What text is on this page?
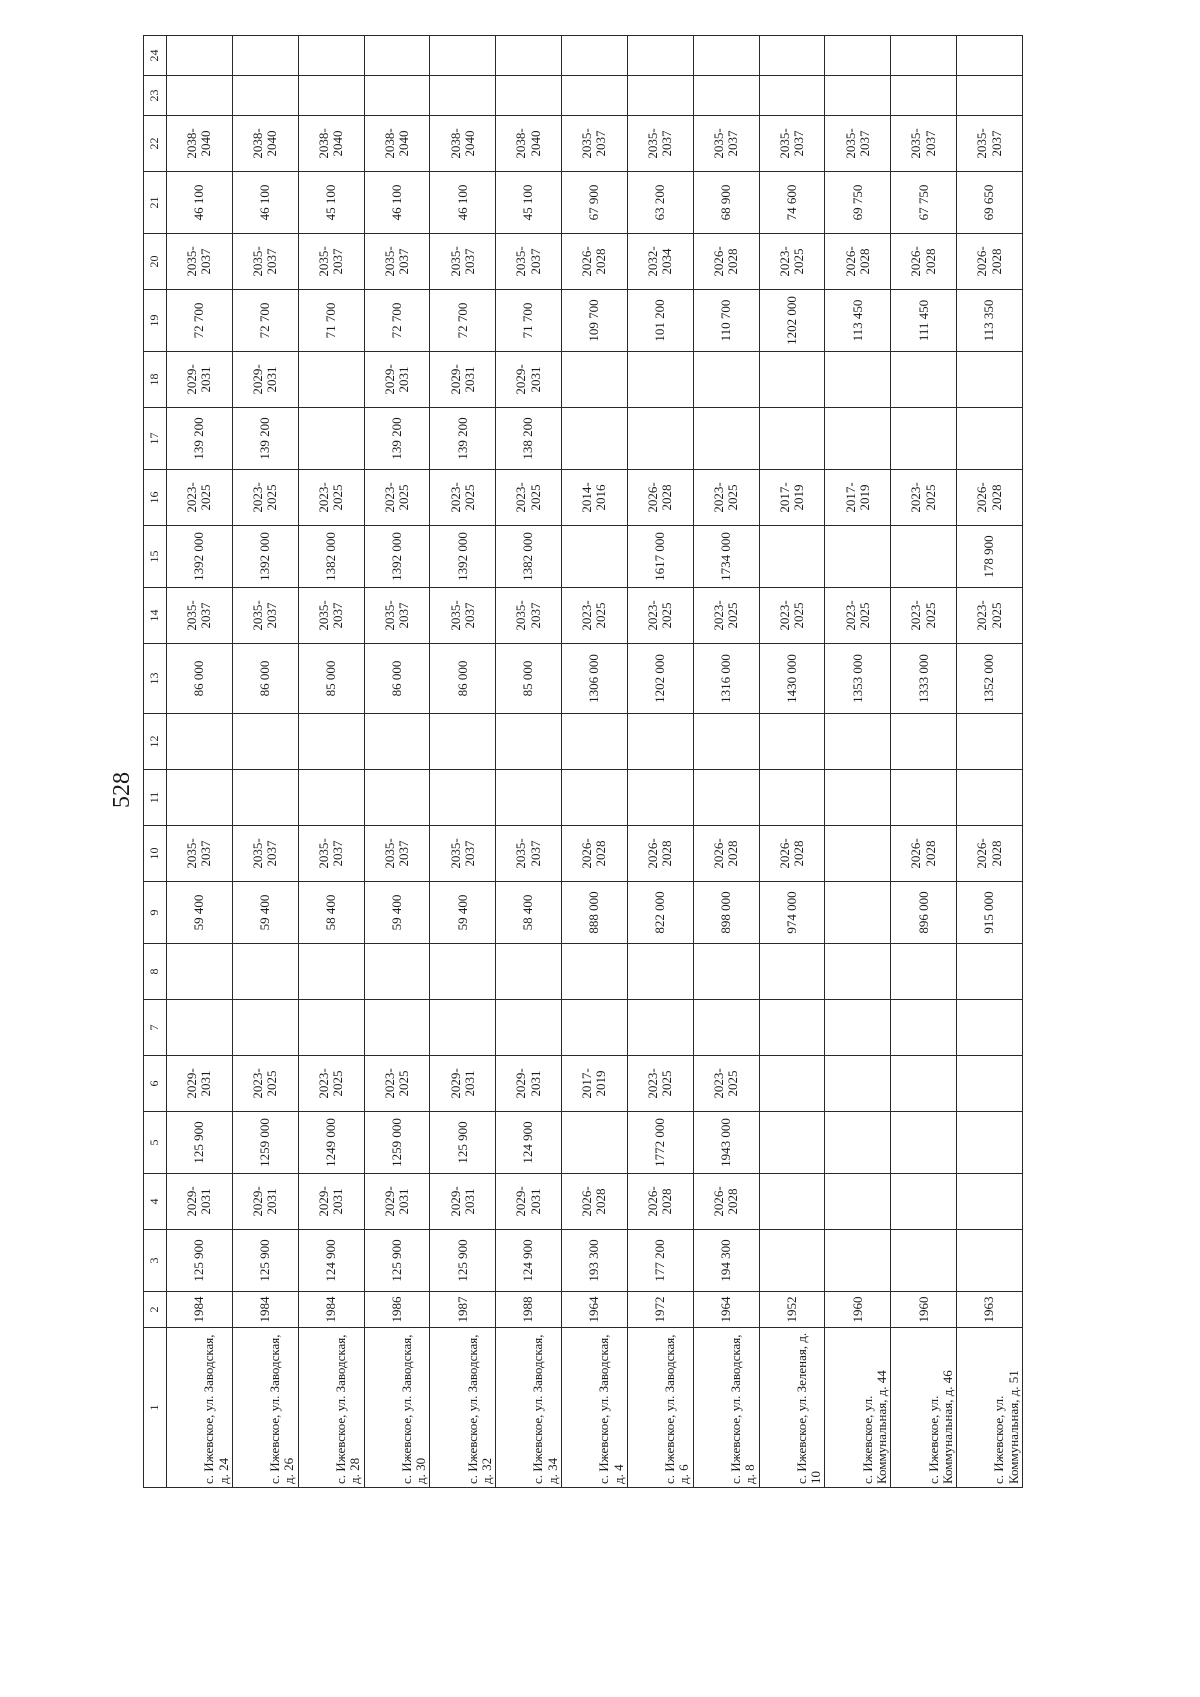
528
1	2	3	4	5	6	7	8	9	10	11	12	13	14	15	16	17	18	19	20	21	22	23	24
с. Ижевское, ул. Заводская, д. 24	1984	125 900	2029-2031	125 900	2029-2031			59 400	2035-2037			86 000	2035-2037	1392 000	2023-2025	139 200	2029-2031	72 700	2035-2037	46 100	2038-2040		
с. Ижевское, ул. Заводская, д. 26	1984	125 900	2029-2031	1259 000	2023-2025			59 400	2035-2037			86 000	2035-2037	1392 000	2023-2025	139 200	2029-2031	72 700	2035-2037	46 100	2038-2040		
с. Ижевское, ул. Заводская, д. 28	1984	124 900	2029-2031	1249 000	2023-2025			58 400	2035-2037			85 000	2035-2037	1382 000	2023-2025			71 700	2035-2037	45 100	2038-2040		
с. Ижевское, ул. Заводская, д. 30	1986	125 900	2029-2031	1259 000	2023-2025			59 400	2035-2037			86 000	2035-2037	1392 000	2023-2025	139 200	2029-2031	72 700	2035-2037	46 100	2038-2040		
с. Ижевское, ул. Заводская, д. 32	1987	125 900	2029-2031	125 900	2029-2031			59 400	2035-2037			86 000	2035-2037	1392 000	2023-2025	139 200	2029-2031	72 700	2035-2037	46 100	2038-2040		
с. Ижевское, ул. Заводская, д. 34	1988	124 900	2029-2031	124 900	2029-2031			58 400	2035-2037			85 000	2035-2037	1382 000	2023-2025	138 200	2029-2031	71 700	2035-2037	45 100	2038-2040		
с. Ижевское, ул. Заводская, д. 4	1964	193 300	2026-2028		2017-2019			888 000	2026-2028			1306 000	2023-2025		2014-2016			109 700	2026-2028	67 900	2035-2037		
с. Ижевское, ул. Заводская, д. 6	1972	177 200	2026-2028	1772 000	2023-2025			822 000	2026-2028			1202 000	2023-2025	1617 000	2026-2028			101 200	2032-2034	63 200	2035-2037		
с. Ижевское, ул. Заводская, д. 8	1964	194 300	2026-2028	1943 000	2023-2025			898 000	2026-2028			1316 000	2023-2025	1734 000	2023-2025			110 700	2026-2028	68 900	2035-2037		
с. Ижевское, ул. Зеленая, д. 10	1952							974 000	2026-2028			1430 000	2023-2025		2017-2019			1202 000	2023-2025	74 600	2035-2037		
с. Ижевское, ул. Коммунальная, д. 44	1960											1353 000	2023-2025		2017-2019			113 450	2026-2028	69 750	2035-2037		
с. Ижевское, ул. Коммунальная, д. 46	1960							896 000	2026-2028			1333 000	2023-2025		2023-2025			111 450	2026-2028	67 750	2035-2037		
с. Ижевское, ул. Коммунальная, д. 51	1963							915 000	2026-2028			1352 000	2023-2025	178 900	2026-2028			113 350	2026-2028	69 650	2035-2037		
